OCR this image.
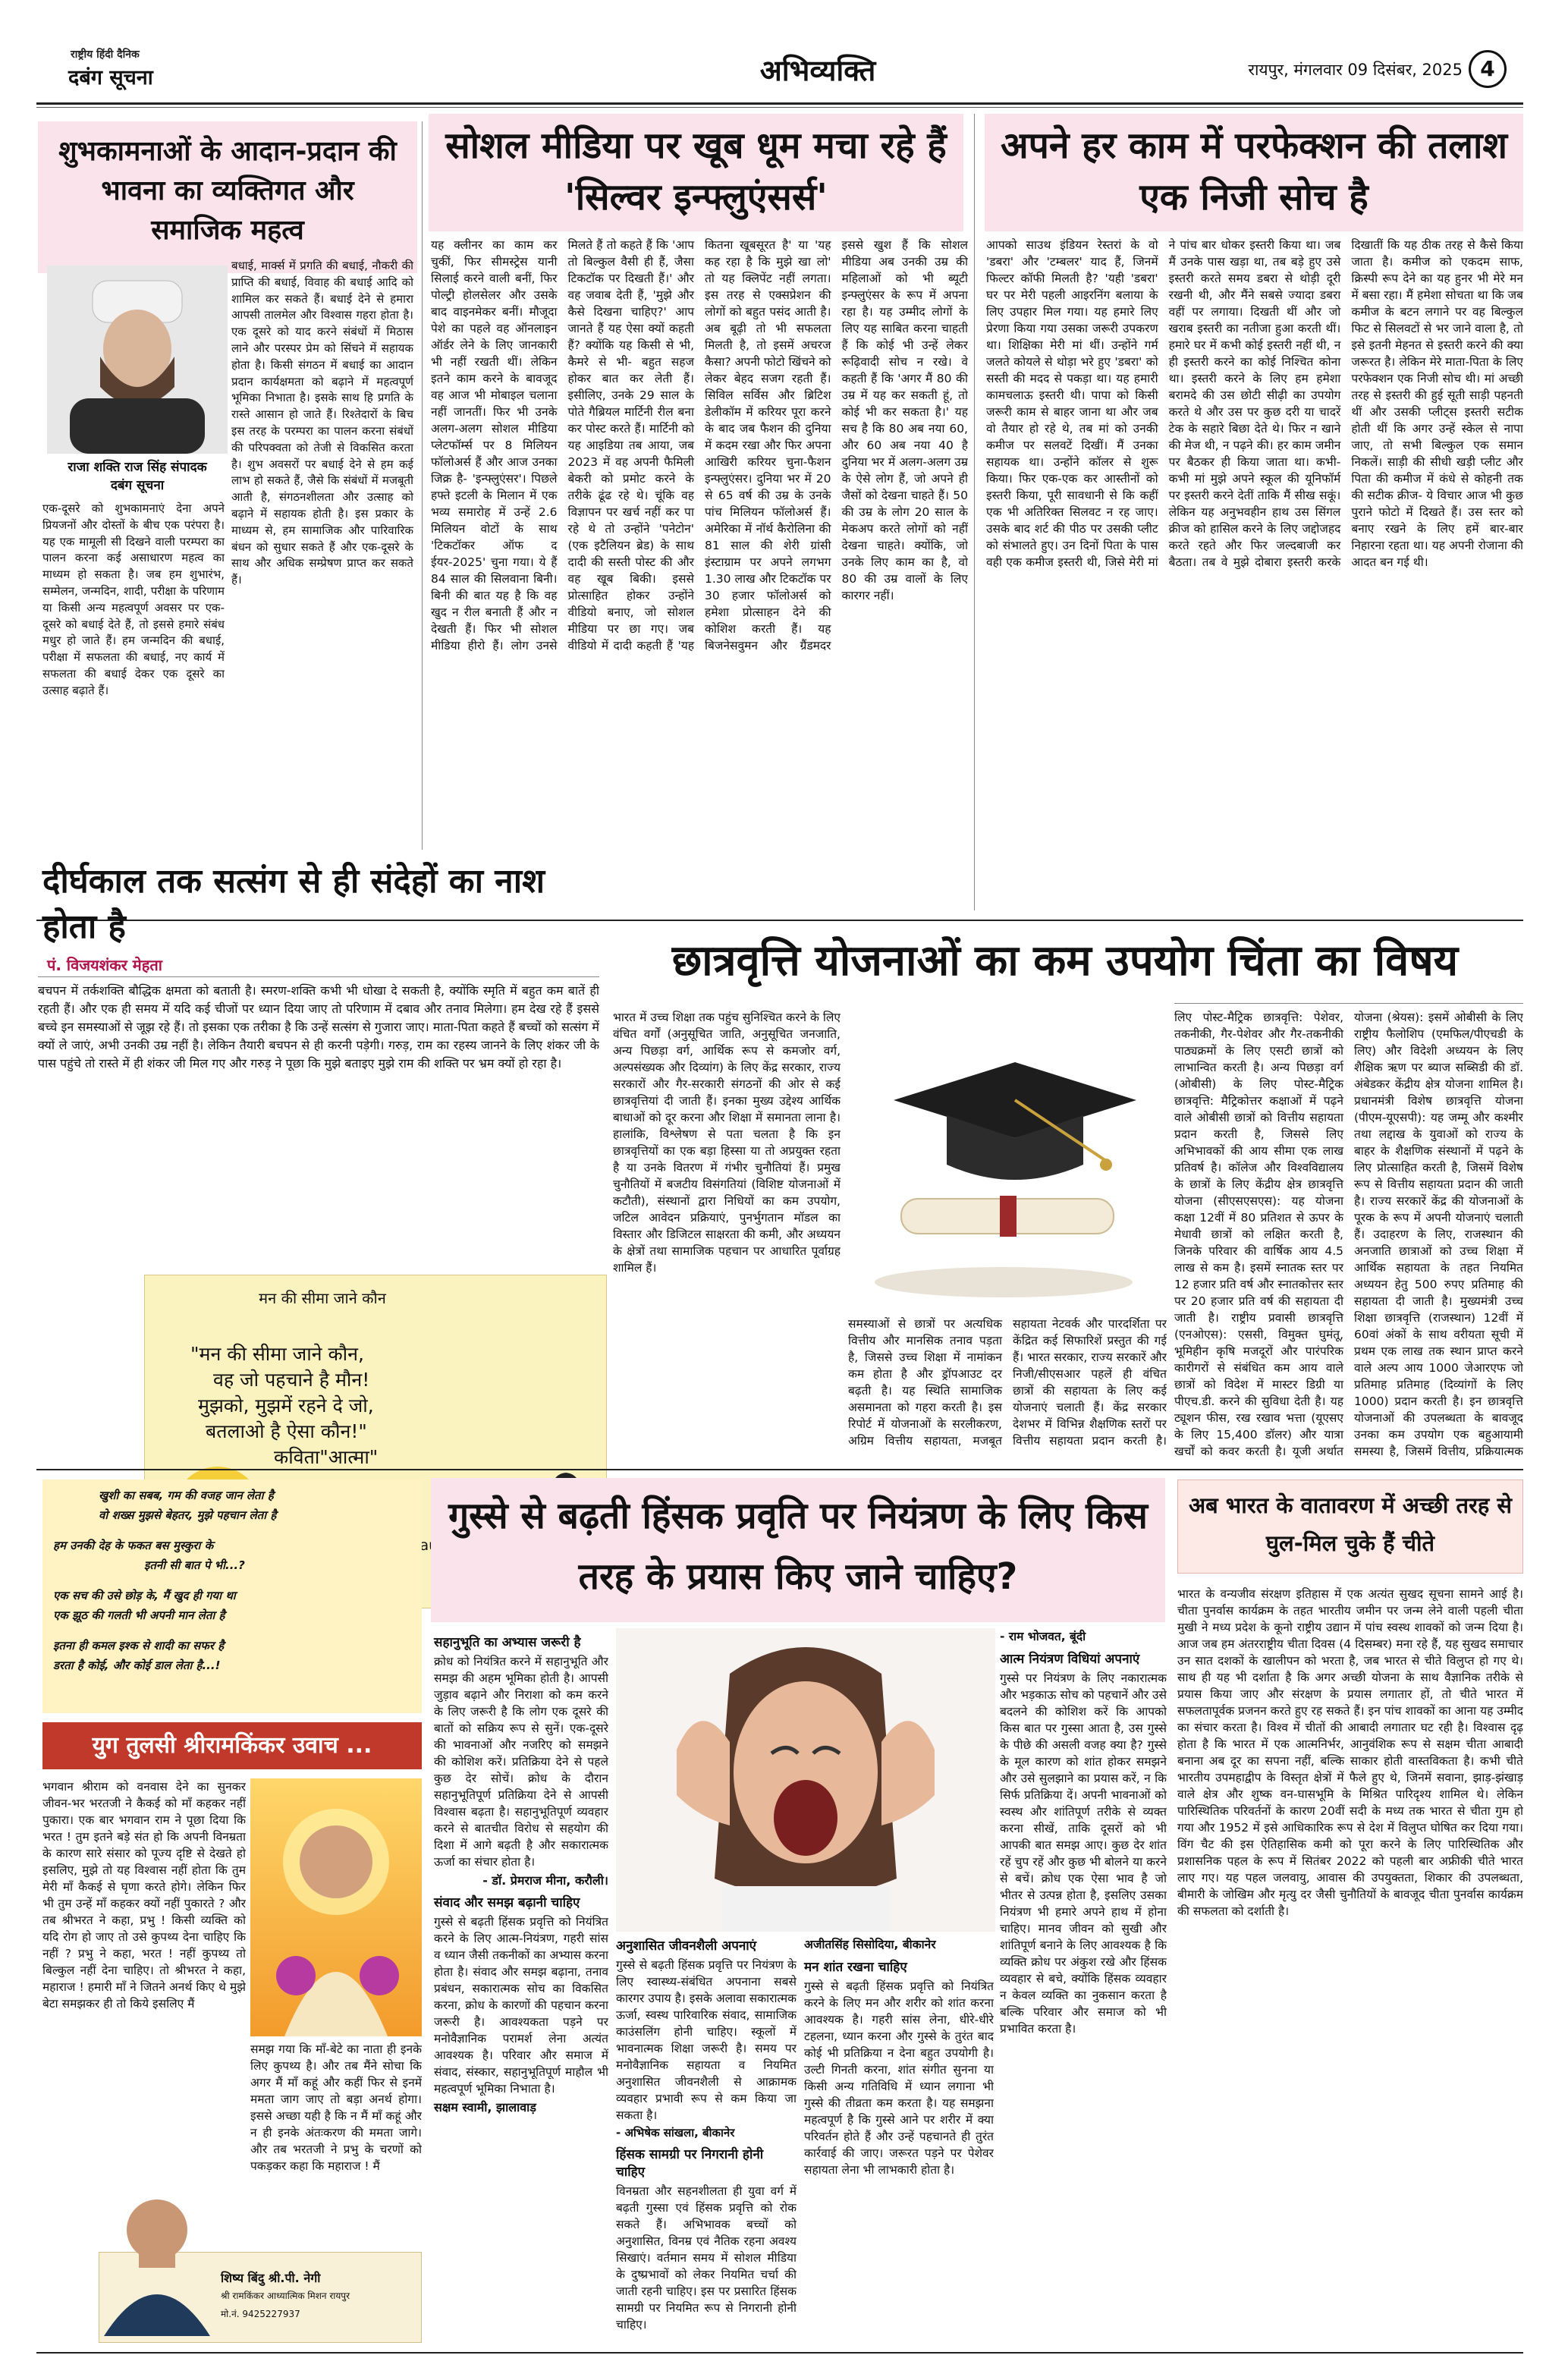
राष्ट्रीय हिंदी दैनिक
दबंग सूचना	अभिव्यक्ति	रायपुर, मंगलवार 09 दिसंबर, 2025 4
शुभकामनाओं के आदान-प्रदान की भावना का व्यक्तिगत और समाजिक महत्व
राजा शक्ति राज सिंह संपादक दबंग सूचना
बधाई, मार्क्स में प्रगति की बधाई, नौकरी की प्राप्ति की बधाई, विवाह की बधाई आदि को शामिल कर सकते हैं। बधाई देने से हमारा आपसी तालमेल और विश्वास गहरा होता है। एक दूसरे को याद करने संबंधों में मिठास लाने और परस्पर प्रेम को सिंचने में सहायक होता है। किसी संगठन में बधाई का आदान प्रदान कार्यक्षमता को बढ़ाने में महत्वपूर्ण भूमिका निभाता है। इसके साथ हि प्रगति के रास्ते आसान हो जाते हैं। रिश्तेदारों के बिच इस तरह के परम्परा का पालन करना संबंधों की परिपक्वता को तेजी से विकसित करता है। शुभ अवसरों पर बधाई देने से हम कई लाभ हो सकते हैं, जैसे कि संबंधों में मजबूती आती है, संगठनशीलता और उत्साह को बढ़ाने में सहायक होती है। इस प्रकार के माध्यम से, हम सामाजिक और पारिवारिक बंधन को सुधार सकते हैं और एक-दूसरे के साथ और अधिक सम्प्रेषण प्राप्त कर सकते हैं।
एक-दूसरे को शुभकामनाएं देना अपने प्रियजनों और दोस्तों के बीच एक परंपरा है। यह एक मामूली सी दिखने वाली परम्परा का पालन करना कई असाधारण महत्व का माध्यम हो सकता है। जब हम शुभारंभ, सम्मेलन, जन्मदिन, शादी, परीक्षा के परिणाम या किसी अन्य महत्वपूर्ण अवसर पर एक-दूसरे को बधाई देते हैं, तो इससे हमारे संबंध मधुर हो जाते हैं। हम जन्मदिन की बधाई, परीक्षा में सफलता की बधाई, नए कार्य में सफलता की बधाई देकर एक दूसरे का उत्साह बढ़ाते हैं।
सोशल मीडिया पर खूब धूम मचा रहे हैं 'सिल्वर इन्फ्लुएंसर्स'
यह क्लीनर का काम कर चुकीं, फिर सीमस्ट्रेस यानी सिलाई करने वाली बनीं, फिर पोल्ट्री होलसेलर और उसके बाद वाइनमेकर बनीं। मौजूदा पेशे का पहले वह ऑनलाइन ऑर्डर लेने के लिए जानकारी भी नहीं रखती थीं। लेकिन इतने काम करने के बावजूद वह आज भी मोबाइल चलाना नहीं जानतीं। फिर भी उनके अलग-अलग सोशल मीडिया प्लेटफॉर्म्स पर 8 मिलियन फॉलोअर्स हैं और आज उनका जिक्र है- 'इन्फ्लुएंसर'। पिछले हफ्ते इटली के मिलान में एक भव्य समारोह में उन्हें 2.6 मिलियन वोटों के साथ 'टिकटॉकर ऑफ द ईयर-2025' चुना गया। ये हैं 84 साल की सिलवाना बिनी। बिनी की बात यह है कि वह खुद न रील बनाती हैं और न देखती हैं। फिर भी सोशल मीडिया हीरो हैं। लोग उनसे मिलते हैं तो कहते हैं कि 'आप तो बिल्कुल वैसी ही हैं, जैसा टिकटॉक पर दिखती हैं।' और वह जवाब देती हैं, 'मुझे और कैसे दिखना चाहिए?' आप जानते हैं यह ऐसा क्यों कहती हैं? क्योंकि यह किसी से भी, कैमरे से भी- बहुत सहज होकर बात कर लेती हैं। इसीलिए, उनके 29 साल के पोते गैब्रियल मार्टिनी रील बना कर पोस्ट करते हैं। मार्टिनी को यह आइडिया तब आया, जब 2023 में वह अपनी फैमिली बेकरी को प्रमोट करने के तरीके ढूंढ रहे थे। चूंकि वह विज्ञापन पर खर्च नहीं कर पा रहे थे तो उन्होंने 'पनेटोन' (एक इटैलियन ब्रेड) के साथ दादी की सस्ती पोस्ट की और वह खूब बिकी। इससे प्रोत्साहित होकर उन्होंने वीडियो बनाए, जो सोशल मीडिया पर छा गए। जब वीडियो में दादी कहती हैं 'यह कितना खूबसूरत है' या 'यह कह रहा है कि मुझे खा लो' तो यह क्लिपेंट नहीं लगता। इस तरह से एक्सप्रेशन की लोगों को बहुत पसंद आती है। अब बूढ़ी तो भी सफलता मिलती है, तो इसमें अचरज कैसा? अपनी फोटो खिंचने को लेकर बेहद सजग रहती हैं। सिविल सर्विस और ब्रिटिश डेलीकॉम में करियर पूरा करने के बाद जब फैशन की दुनिया में कदम रखा और फिर अपना आखिरी करियर चुना-फैशन इन्फ्लुएंसर। दुनिया भर में 20 से 65 वर्ष की उम्र के उनके पांच मिलियन फॉलोअर्स हैं। अमेरिका में नॉर्थ कैरोलिना की 81 साल की शेरी ग्रांसी इंस्टाग्राम पर अपने लगभग 1.30 लाख और टिकटॉक पर 30 हजार फॉलोअर्स को हमेशा प्रोत्साहन देने की कोशिश करती हैं। यह बिजनेसवुमन और ग्रैंडमदर इससे खुश हैं कि सोशल मीडिया अब उनकी उम्र की महिलाओं को भी ब्यूटी इन्फ्लुएंसर के रूप में अपना रहा है। यह उम्मीद लोगों के लिए यह साबित करना चाहती हैं कि कोई भी उन्हें लेकर रूढ़िवादी सोच न रखे। वे कहती हैं कि 'अगर मैं 80 की उम्र में यह कर सकती हूं, तो कोई भी कर सकता है।' यह सच है कि 80 अब नया 60, और 60 अब नया 40 है दुनिया भर में अलग-अलग उम्र के ऐसे लोग हैं, जो अपने ही जैसों को देखना चाहते हैं। 50 की उम्र के लोग 20 साल के मेकअप करते लोगों को नहीं देखना चाहते। क्योंकि, जो उनके लिए काम का है, वो 80 की उम्र वालों के लिए कारगर नहीं।
अपने हर काम में परफेक्शन की तलाश एक निजी सोच है
आपको साउथ इंडियन रेस्तरां के वो 'डबरा' और 'टम्बलर' याद हैं, जिनमें फिल्टर कॉफी मिलती है? 'यही 'डबरा' घर पर मेरी पहली आइरनिंग बलाया के लिए उपहार मिल गया। यह हमारे लिए प्रेरणा किया गया उसका जरूरी उपकरण था। शिक्षिका मेरी मां थीं। उन्होंने गर्म जलते कोयले से थोड़ा भरे हुए 'डबरा' को सस्ती की मदद से पकड़ा था। यह हमारी कामचलाऊ इस्तरी थी। पापा को किसी जरूरी काम से बाहर जाना था और जब वो तैयार हो रहे थे, तब मां को उनकी कमीज पर सलवटें दिखीं। मैं उनका सहायक था। उन्होंने कॉलर से शुरू किया। फिर एक-एक कर आस्तीनों को इस्तरी किया, पूरी सावधानी से कि कहीं एक भी अतिरिक्त सिलवट न रह जाए। उसके बाद शर्ट की पीठ पर उसकी प्लीट को संभालते हुए। उन दिनों पिता के पास वही एक कमीज इस्तरी थी, जिसे मेरी मां ने पांच बार धोकर इस्तरी किया था। जब मैं उनके पास खड़ा था, तब बड़े हुए उसे इस्तरी करते समय डबरा से थोड़ी दूरी रखनी थी, और मैंने सबसे ज्यादा डबरा वहीं पर लगाया। दिखती थीं और जो खराब इस्तरी का नतीजा हुआ करती थीं। हमारे घर में कभी कोई इस्तरी नहीं थी, न ही इस्तरी करने का कोई निश्चित कोना था। इस्तरी करने के लिए हम हमेशा बरामदे की उस छोटी सीढ़ी का उपयोग करते थे और उस पर कुछ दरी या चादरें टेक के सहारे बिछा देते थे। फिर न खाने की मेज थी, न पढ़ने की। हर काम जमीन पर बैठकर ही किया जाता था। कभी-कभी मां मुझे अपने स्कूल की यूनिफॉर्म पर इस्तरी करने देतीं ताकि मैं सीख सकूं। लेकिन यह अनुभवहीन हाथ उस सिंगल क्रीज को हासिल करने के लिए जद्दोजहद करते रहते और फिर जल्दबाजी कर बैठता। तब वे मुझे दोबारा इस्तरी करके दिखातीं कि यह ठीक तरह से कैसे किया जाता है। कमीज को एकदम साफ, क्रिस्पी रूप देने का यह हुनर भी मेरे मन में बसा रहा। मैं हमेशा सोचता था कि जब कमीज के बटन लगाने पर वह बिल्कुल फिट से सिलवटों से भर जाने वाला है, तो इसे इतनी मेहनत से इस्तरी करने की क्या जरूरत है। लेकिन मेरे माता-पिता के लिए परफेक्शन एक निजी सोच थी। मां अच्छी तरह से इस्तरी की हुई सूती साड़ी पहनती थीं और उसकी प्लीट्स इस्तरी सटीक होती थीं कि अगर उन्हें स्केल से नापा जाए, तो सभी बिल्कुल एक समान निकलें। साड़ी की सीधी खड़ी प्लीट और पिता की कमीज में कंधे से कोहनी तक की सटीक क्रीज- ये विचार आज भी कुछ पुराने फोटो में दिखते हैं। उस स्तर को बनाए रखने के लिए हमें बार-बार निहारना रहता था। यह अपनी रोजाना की आदत बन गई थी।
दीर्घकाल तक सत्संग से ही संदेहों का नाश होता है
पं. विजयशंकर मेहता
बचपन में तर्कशक्ति बौद्धिक क्षमता को बताती है। स्मरण-शक्ति कभी भी धोखा दे सकती है, क्योंकि स्मृति में बहुत कम बातें ही रहती हैं। और एक ही समय में यदि कई चीजों पर ध्यान दिया जाए तो परिणाम में दबाव और तनाव मिलेगा। हम देख रहे हैं इससे बच्चे इन समस्याओं से जूझ रहे हैं। तो इसका एक तरीका है कि उन्हें सत्संग से गुजारा जाए। माता-पिता कहते हैं बच्चों को सत्संग में क्यों ले जाएं, अभी उनकी उम्र नहीं है। लेकिन तैयारी बचपन से ही करनी पड़ेगी। गरुड़, राम का रहस्य जानने के लिए शंकर जी के पास पहुंचे तो रास्ते में ही शंकर जी मिल गए और गरुड़ ने पूछा कि मुझे बताइए मुझे राम की शक्ति पर भ्रम क्यों हो रहा है।
मन की सीमा जाने कौन
"मन की सीमा जाने कौन,
वह जो पहचाने है मौन!
मुझको, मुझमें रहने दे जो,
बतलाओ है ऐसा कौन!"
कविता"आत्मा"
छात्रवृत्ति योजनाओं का कम उपयोग चिंता का विषय
भारत में उच्च शिक्षा तक पहुंच सुनिश्चित करने के लिए वंचित वर्गों (अनुसूचित जाति, अनुसूचित जनजाति, अन्य पिछड़ा वर्ग, आर्थिक रूप से कमजोर वर्ग, अल्पसंख्यक और दिव्यांग) के लिए केंद्र सरकार, राज्य सरकारों और गैर-सरकारी संगठनों की ओर से कई छात्रवृत्तियां दी जाती हैं। इनका मुख्य उद्देश्य आर्थिक बाधाओं को दूर करना और शिक्षा में समानता लाना है। हालांकि, विश्लेषण से पता चलता है कि इन छात्रवृत्तियों का एक बड़ा हिस्सा या तो अप्रयुक्त रहता है या उनके वितरण में गंभीर चुनौतियां हैं। प्रमुख चुनौतियों में बजटीय विसंगतियां (विशिष्ट योजनाओं में कटौती), संस्थानों द्वारा निधियों का कम उपयोग, जटिल आवेदन प्रक्रियाएं, पुनर्भुगतान मॉडल का विस्तार और डिजिटल साक्षरता की कमी, और अध्ययन के क्षेत्रों तथा सामाजिक पहचान पर आधारित पूर्वाग्रह शामिल हैं।
समस्याओं से छात्रों पर अत्यधिक वित्तीय और मानसिक तनाव पड़ता है, जिससे उच्च शिक्षा में नामांकन कम होता है और ड्रॉपआउट दर बढ़ती है। यह स्थिति सामाजिक असमानता को गहरा करती है। इस रिपोर्ट में योजनाओं के सरलीकरण, अग्रिम वित्तीय सहायता, मजबूत सहायता नेटवर्क और पारदर्शिता पर केंद्रित कई सिफारिशें प्रस्तुत की गई हैं। भारत सरकार, राज्य सरकारें और निजी/सीएसआर पहलें ही वंचित छात्रों की सहायता के लिए कई योजनाएं चलाती हैं। केंद्र सरकार देशभर में विभिन्न शैक्षणिक स्तरों पर वित्तीय सहायता प्रदान करती है।
लिए पोस्ट-मैट्रिक छात्रवृत्ति: पेशेवर, तकनीकी, गैर-पेशेवर और गैर-तकनीकी पाठ्यक्रमों के लिए एसटी छात्रों को लाभान्वित करती है। अन्य पिछड़ा वर्ग (ओबीसी) के लिए पोस्ट-मैट्रिक छात्रवृत्ति: मैट्रिकोत्तर कक्षाओं में पढ़ने वाले ओबीसी छात्रों को वित्तीय सहायता प्रदान करती है, जिससे लिए अभिभावकों की आय सीमा एक लाख प्रतिवर्ष है। कॉलेज और विश्वविद्यालय के छात्रों के लिए केंद्रीय क्षेत्र छात्रवृत्ति योजना (सीएसएसएस): यह योजना कक्षा 12वीं में 80 प्रतिशत से ऊपर के मेधावी छात्रों को लक्षित करती है, जिनके परिवार की वार्षिक आय 4.5 लाख से कम है। इसमें स्नातक स्तर पर 12 हजार प्रति वर्ष और स्नातकोत्तर स्तर पर 20 हजार प्रति वर्ष की सहायता दी जाती है। राष्ट्रीय प्रवासी छात्रवृत्ति (एनओएस): एससी, विमुक्त घुमंतू, भूमिहीन कृषि मजदूरों और पारंपरिक कारीगरों से संबंधित कम आय वाले छात्रों को विदेश में मास्टर डिग्री या पीएच.डी. करने की सुविधा देती है। यह ट्यूशन फीस, रख रखाव भत्ता (यूएसए के लिए 15,400 डॉलर) और यात्रा खर्चों को कवर करती है। यूजी अर्थात योजना (श्रेयस): इसमें ओबीसी के लिए राष्ट्रीय फैलोशिप (एमफिल/पीएचडी के लिए) और विदेशी अध्ययन के लिए शैक्षिक ऋण पर ब्याज सब्सिडी की डॉ. अंबेडकर केंद्रीय क्षेत्र योजना शामिल है। प्रधानमंत्री विशेष छात्रवृत्ति योजना (पीएम-यूएसपी): यह जम्मू और कश्मीर तथा लद्दाख के युवाओं को राज्य के बाहर के शैक्षणिक संस्थानों में पढ़ने के लिए प्रोत्साहित करती है, जिसमें विशेष रूप से वित्तीय सहायता प्रदान की जाती है। राज्य सरकारें केंद्र की योजनाओं के पूरक के रूप में अपनी योजनाएं चलाती हैं। उदाहरण के लिए, राजस्थान की अनजाति छात्राओं को उच्च शिक्षा में आर्थिक सहायता के तहत नियमित अध्ययन हेतु 500 रुपए प्रतिमाह की सहायता दी जाती है। मुख्यमंत्री उच्च शिक्षा छात्रवृत्ति (राजस्थान) 12वीं में 60वां अंकों के साथ वरीयता सूची में प्रथम एक लाख तक स्थान प्राप्त करने वाले अल्प आय 1000 जेआरएफ जो प्रतिमाह प्रतिमाह (दिव्यांगों के लिए 1000) प्रदान करती है। इन छात्रवृत्ति योजनाओं की उपलब्धता के बावजूद उनका कम उपयोग एक बहुआयामी समस्या है, जिसमें वित्तीय, प्रक्रियात्मक
खुशी का सबब, गम की वजह जान लेता है
वो शख्स मुझसे बेहतर, मुझे पहचान लेता है
हम उनकी देह के फकत बस मुस्कुरा के
इतनी सी बात पे भी...?
एक सच की उसे छोड़ के, मैं खुद ही गया था
एक झूठ की गलती भी अपनी मान लेता है
इतना ही कमल इश्क से शादी का सफर है
डरता है कोई, और कोई डाल लेता है...!
युग तुलसी श्रीरामकिंकर उवाच ...
भगवान श्रीराम को वनवास देने का सुनकर जीवन-भर भरतजी ने कैकई को माँ कहकर नहीं पुकारा। एक बार भगवान राम ने पूछा दिया कि भरत ! तुम इतने बड़े संत हो कि अपनी विनम्रता के कारण सारे संसार को पूज्य दृष्टि से देखते हो इसलिए, मुझे तो यह विश्वास नहीं होता कि तुम मेरी माँ कैकई से घृणा करते होगे। लेकिन फिर भी तुम उन्हें माँ कहकर क्यों नहीं पुकारते ? और तब श्रीभरत ने कहा, प्रभु ! किसी व्यक्ति को यदि रोग हो जाए तो उसे कुपथ्य देना चाहिए कि नहीं ? प्रभु ने कहा, भरत ! नहीं कुपथ्य तो बिल्कुल नहीं देना चाहिए। तो श्रीभरत ने कहा, महाराज ! हमारी माँ ने जितने अनर्थ किए थे मुझे बेटा समझकर ही तो किये इसलिए मैं
समझ गया कि माँ-बेटे का नाता ही इनके लिए कुपथ्य है। और तब मैंने सोचा कि अगर मैं माँ कहूं और कहीं फिर से इनमें ममता जाग जाए तो बड़ा अनर्थ होगा। इससे अच्छा यही है कि न मैं माँ कहूं और न ही इनके अंतःकरण की ममता जागे। और तब भरतजी ने प्रभु के चरणों को पकड़कर कहा कि महाराज ! मैं
शिष्य बिंदु श्री.पी. नेगी
श्री रामकिंकर आध्यात्मिक मिशन रायपुर
मो.नं. 9425227937
गुस्से से बढ़ती हिंसक प्रवृति पर नियंत्रण के लिए किस तरह के प्रयास किए जाने चाहिए?
सहानुभूति का अभ्यास जरूरी है
क्रोध को नियंत्रित करने में सहानुभूति और समझ की अहम भूमिका होती है। आपसी जुड़ाव बढ़ाने और निराशा को कम करने के लिए जरूरी है कि लोग एक दूसरे की बातों को सक्रिय रूप से सुनें। एक-दूसरे की भावनाओं और नजरिए को समझने की कोशिश करें। प्रतिक्रिया देने से पहले कुछ देर सोचें। क्रोध के दौरान सहानुभूतिपूर्ण प्रतिक्रिया देने से आपसी विश्वास बढ़ता है। सहानुभूतिपूर्ण व्यवहार करने से बातचीत विरोध से सहयोग की दिशा में आगे बढ़ती है और सकारात्मक ऊर्जा का संचार होता है।
- डॉ. प्रेमराज मीना, करौली।
संवाद और समझ बढ़ानी चाहिए
गुस्से से बढ़ती हिंसक प्रवृत्ति को नियंत्रित करने के लिए आत्म-नियंत्रण, गहरी सांस व ध्यान जैसी तकनीकों का अभ्यास करना होता है। संवाद और समझ बढ़ाना, तनाव प्रबंधन, सकारात्मक सोच का विकसित करना, क्रोध के कारणों की पहचान करना जरूरी है। आवश्यकता पड़ने पर मनोवैज्ञानिक परामर्श लेना अत्यंत आवश्यक है। परिवार और समाज में संवाद, संस्कार, सहानुभूतिपूर्ण माहौल भी महत्वपूर्ण भूमिका निभाता है।
सक्षम स्वामी, झालावाड़
अनुशासित जीवनशैली अपनाएं
गुस्से से बढ़ती हिंसक प्रवृत्ति पर नियंत्रण के लिए स्वास्थ्य-संबंधित अपनाना सबसे कारगर उपाय है। इसके अलावा सकारात्मक ऊर्जा, स्वस्थ पारिवारिक संवाद, सामाजिक काउंसलिंग होनी चाहिए। स्कूलों में भावनात्मक शिक्षा जरूरी है। समय पर मनोवैज्ञानिक सहायता व नियमित अनुशासित जीवनशैली से आक्रामक व्यवहार प्रभावी रूप से कम किया जा सकता है।
- अभिषेक सांखला, बीकानेर
हिंसक सामग्री पर निगरानी होनी चाहिए
विनम्रता और सहनशीलता ही युवा वर्ग में बढ़ती गुस्सा एवं हिंसक प्रवृत्ति को रोक सकते हैं। अभिभावक बच्चों को अनुशासित, विनम्र एवं नैतिक रहना अवश्य सिखाएं। वर्तमान समय में सोशल मीडिया के दुष्प्रभावों को लेकर नियमित चर्चा की जाती रहनी चाहिए। इस पर प्रसारित हिंसक सामग्री पर नियमित रूप से निगरानी होनी चाहिए।
अजीतसिंह सिसोदिया, बीकानेर
मन शांत रखना चाहिए
गुस्से से बढ़ती हिंसक प्रवृत्ति को नियंत्रित करने के लिए मन और शरीर को शांत करना आवश्यक है। गहरी सांस लेना, धीरे-धीरे टहलना, ध्यान करना और गुस्से के तुरंत बाद कोई भी प्रतिक्रिया न देना बहुत उपयोगी है। उल्टी गिनती करना, शांत संगीत सुनना या किसी अन्य गतिविधि में ध्यान लगाना भी गुस्से की तीव्रता कम करता है। यह समझना महत्वपूर्ण है कि गुस्से आने पर शरीर में क्या परिवर्तन होते हैं और उन्हें पहचानते ही तुरंत कार्रवाई की जाए। जरूरत पड़ने पर पेशेवर सहायता लेना भी लाभकारी होता है।
- राम भोजवत, बूंदी
आत्म नियंत्रण विधियां अपनाएं
गुस्से पर नियंत्रण के लिए नकारात्मक और भड़काऊ सोच को पहचानें और उसे बदलने की कोशिश करें कि आपको किस बात पर गुस्सा आता है, उस गुस्से के पीछे की असली वजह क्या है? गुस्से के मूल कारण को शांत होकर समझने और उसे सुलझाने का प्रयास करें, न कि सिर्फ प्रतिक्रिया दें। अपनी भावनाओं को स्वस्थ और शांतिपूर्ण तरीके से व्यक्त करना सीखें, ताकि दूसरों को भी आपकी बात समझ आए। कुछ देर शांत रहें चुप रहें और कुछ भी बोलने या करने से बचें। क्रोध एक ऐसा भाव है जो भीतर से उत्पन्न होता है, इसलिए उसका नियंत्रण भी हमारे अपने हाथ में होना चाहिए। मानव जीवन को सुखी और शांतिपूर्ण बनाने के लिए आवश्यक है कि व्यक्ति क्रोध पर अंकुश रखे और हिंसक व्यवहार से बचे, क्योंकि हिंसक व्यवहार न केवल व्यक्ति का नुकसान करता है बल्कि परिवार और समाज को भी प्रभावित करता है।
अब भारत के वातावरण में अच्छी तरह से घुल-मिल चुके हैं चीते
भारत के वन्यजीव संरक्षण इतिहास में एक अत्यंत सुखद सूचना सामने आई है। चीता पुनर्वास कार्यक्रम के तहत भारतीय जमीन पर जन्म लेने वाली पहली चीता मुखी ने मध्य प्रदेश के कूनो राष्ट्रीय उद्यान में पांच स्वस्थ शावकों को जन्म दिया है। आज जब हम अंतरराष्ट्रीय चीता दिवस (4 दिसम्बर) मना रहे हैं, यह सुखद समाचार उन सात दशकों के खालीपन को भरता है, जब भारत से चीते विलुप्त हो गए थे। साथ ही यह भी दर्शाता है कि अगर अच्छी योजना के साथ वैज्ञानिक तरीके से प्रयास किया जाए और संरक्षण के प्रयास लगातार हों, तो चीते भारत में सफलतापूर्वक प्रजनन करते हुए रह सकते हैं। इन पांच शावकों का आना यह उम्मीद का संचार करता है। विश्व में चीतों की आबादी लगातार घट रही है। विश्वास दृढ़ होता है कि भारत में एक आत्मनिर्भर, आनुवंशिक रूप से सक्षम चीता आबादी बनाना अब दूर का सपना नहीं, बल्कि साकार होती वास्तविकता है। कभी चीते भारतीय उपमहाद्वीप के विस्तृत क्षेत्रों में फैले हुए थे, जिनमें सवाना, झाड़-झंखाड़ वाले क्षेत्र और शुष्क वन-घासभूमि के मिश्रित पारिदृश्य शामिल थे। लेकिन पारिस्थितिक परिवर्तनों के कारण 20वीं सदी के मध्य तक भारत से चीता गुम हो गया और 1952 में इसे आधिकारिक रूप से देश में विलुप्त घोषित कर दिया गया। विंग चैट की इस ऐतिहासिक कमी को पूरा करने के लिए पारिस्थितिक और प्रशासनिक पहल के रूप में सितंबर 2022 को पहली बार अफ्रीकी चीते भारत लाए गए। यह पहल जलवायु, आवास की उपयुक्तता, शिकार की उपलब्धता, बीमारी के जोखिम और मृत्यु दर जैसी चुनौतियों के बावजूद चीता पुनर्वास कार्यक्रम की सफलता को दर्शाती है।
